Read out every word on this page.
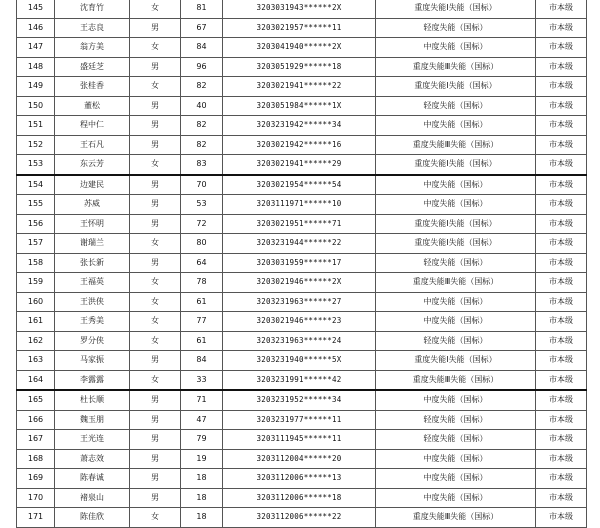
145	沈育竹	女	81	3203031943******2X	重度失能Ⅰ失能（国标）	市本级
146	王志良	男	67	3203021957******11	轻度失能（国标）	市本级
147	翁方美	女	84	3203041940******2X	中度失能（国标）	市本级
148	盛廷芝	男	96	3203051929******18	重度失能Ⅲ失能（国标）	市本级
149	张桂香	女	82	3203021941******22	重度失能Ⅰ失能（国标）	市本级
150	董松	男	40	3203051984******1X	轻度失能（国标）	市本级
151	程中仁	男	82	3203231942******34	中度失能（国标）	市本级
152	王石凡	男	82	3203021942******16	重度失能Ⅲ失能（国标）	市本级
153	东云芳	女	83	3203021941******29	重度失能Ⅰ失能（国标）	市本级
154	边建民	男	70	3203021954******54	中度失能（国标）	市本级
155	苏威	男	53	3203111971******10	中度失能（国标）	市本级
156	王怀明	男	72	3203021951******71	重度失能Ⅰ失能（国标）	市本级
157	谢瑞兰	女	80	3203231944******22	重度失能Ⅰ失能（国标）	市本级
158	张长新	男	64	3203031959******17	轻度失能（国标）	市本级
159	王福英	女	78	3203021946******2X	重度失能Ⅲ失能（国标）	市本级
160	王洪侠	女	61	3203231963******27	中度失能（国标）	市本级
161	王秀美	女	77	3203021946******23	中度失能（国标）	市本级
162	罗分侠	女	61	3203231963******24	轻度失能（国标）	市本级
163	马家振	男	84	3203231940******5X	重度失能Ⅰ失能（国标）	市本级
164	李露露	女	33	3203231991******42	重度失能Ⅲ失能（国标）	市本级
165	杜长顺	男	71	3203231952******34	中度失能（国标）	市本级
166	魏玉朋	男	47	3203231977******11	轻度失能（国标）	市本级
167	王光连	男	79	3203111945******11	轻度失能（国标）	市本级
168	萧志效	男	19	3203112004******20	中度失能（国标）	市本级
169	陈春诚	男	18	3203112006******13	中度失能（国标）	市本级
170	褚泉山	男	18	3203112006******18	中度失能（国标）	市本级
171	陈佳欣	女	18	3203112006******22	重度失能Ⅲ失能（国标）	市本级
